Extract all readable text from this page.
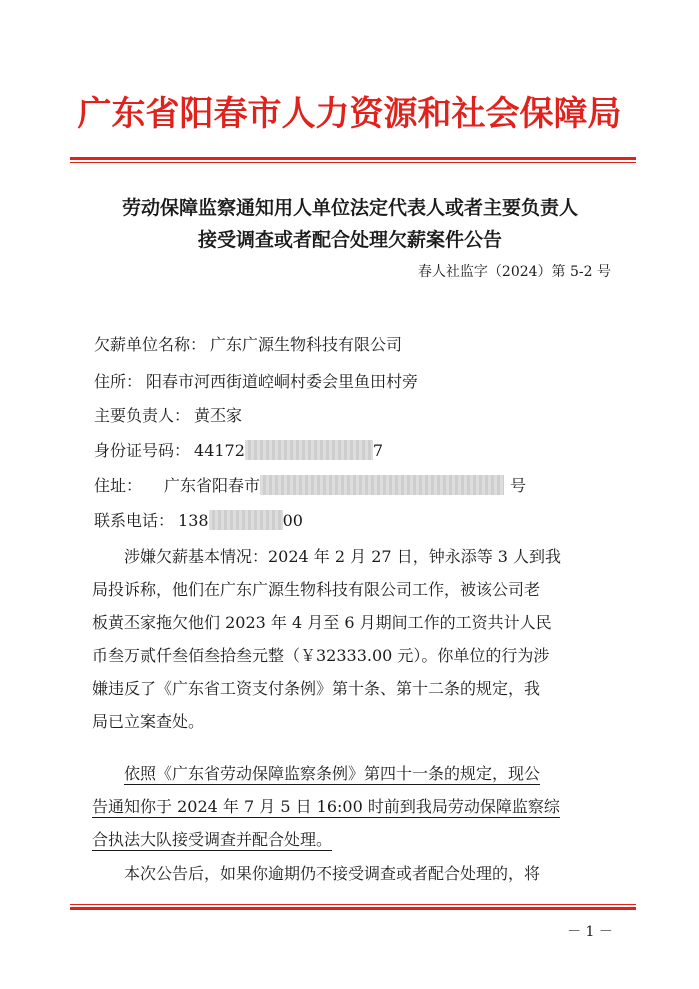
广东省阳春市人力资源和社会保障局
劳动保障监察通知用人单位法定代表人或者主要负责人
接受调查或者配合处理欠薪案件公告
春人社监字（2024）第 5-2 号
欠薪单位名称： 广东广源生物科技有限公司
住所： 阳春市河西街道崆峒村委会里鱼田村旁
主要负责人： 黄丕家
身份证号码： 44172	7
住址： 广东省阳春市	号
联系电话： 138	00
涉嫌欠薪基本情况：2024 年 2 月 27 日，钟永添等 3 人到我
局投诉称，他们在广东广源生物科技有限公司工作，被该公司老
板黄丕家拖欠他们 2023 年 4 月至 6 月期间工作的工资共计人民
币叁万贰仟叁佰叁拾叁元整（￥32333.00 元）。你单位的行为涉
嫌违反了《广东省工资支付条例》第十条、第十二条的规定，我
局已立案查处。
依照《广东省劳动保障监察条例》第四十一条的规定，现公
告通知你于 2024 年 7 月 5 日 16:00 时前到我局劳动保障监察综
合执法大队接受调查并配合处理。
本次公告后，如果你逾期仍不接受调查或者配合处理的，将
－ 1 －
